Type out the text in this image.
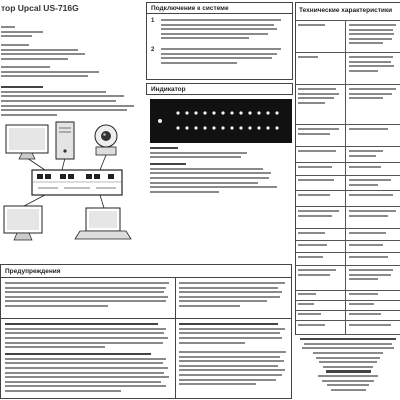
тор Upcal US-716G	Подключение к системе
1
2
Индикатор
Технические характеристики
Предупреждения
